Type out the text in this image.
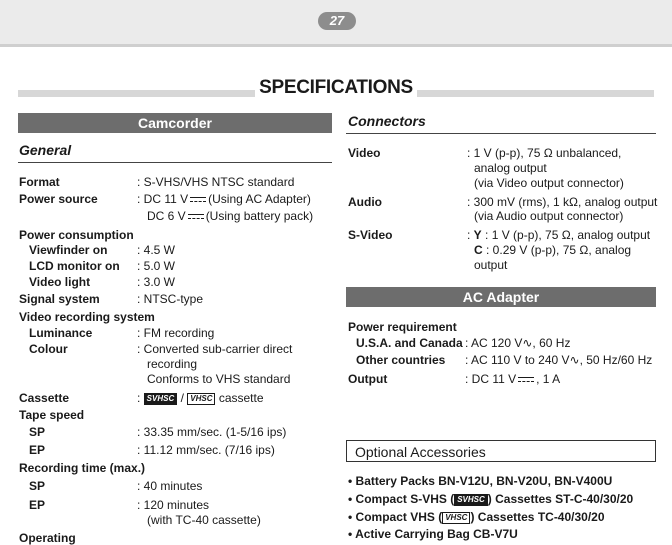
27
SPECIFICATIONS
Camcorder
General
Format	: S-VHS/VHS NTSC standard
Power source	: DC 11 V (Using AC Adapter)
DC 6 V (Using battery pack)
Power consumption
Viewfinder on : 4.5 W
LCD monitor on : 5.0 W
Video light	: 3.0 W
Signal system	: NTSC-type
Video recording system
Luminance	: FM recording
Colour	: Converted sub-carrier direct
recording
Conforms to VHS standard
Cassette	: SVHSC / VHSC cassette
Tape speed
SP	: 33.35 mm/sec. (1-5/16 ips)
EP	: 11.12 mm/sec. (7/16 ips)
Recording time (max.)
SP	: 40 minutes
EP	: 120 minutes
(with TC-40 cassette)
Operating
Connectors
Video	: 1 V (p-p), 75 Ω unbalanced,
analog output
(via Video output connector)
Audio	: 300 mV (rms), 1 kΩ, analog output
(via Audio output connector)
S-Video	: Y : 1 V (p-p), 75 Ω, analog output
C : 0.29 V (p-p), 75 Ω, analog
output
AC Adapter
Power requirement
U.S.A. and Canada : AC 120 V∿, 60 Hz
Other countries : AC 110 V to 240 V∿, 50 Hz/60 Hz
Output	: DC 11 V , 1 A
Optional Accessories
• Battery Packs BN-V12U, BN-V20U, BN-V400U
• Compact S-VHS ( SVHSC ) Cassettes ST-C-40/30/20
• Compact VHS ( VHSC ) Cassettes TC-40/30/20
• Active Carrying Bag CB-V7U
